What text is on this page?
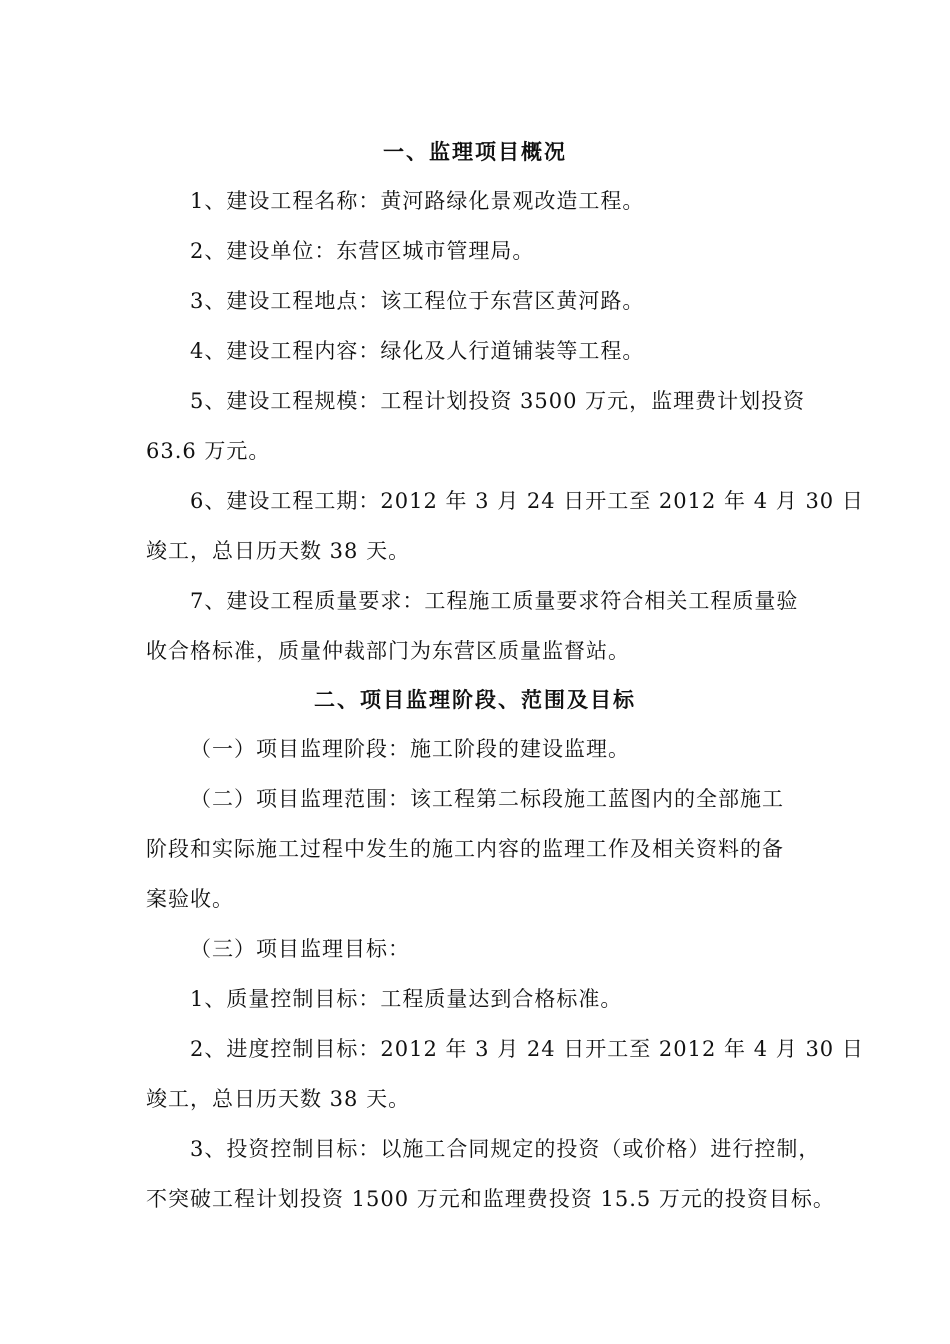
一、监理项目概况
1、建设工程名称：黄河路绿化景观改造工程。
2、建设单位：东营区城市管理局。
3、建设工程地点：该工程位于东营区黄河路。
4、建设工程内容：绿化及人行道铺装等工程。
5、建设工程规模：工程计划投资 3500 万元，监理费计划投资
63.6 万元。
6、建设工程工期：2012 年 3 月 24 日开工至 2012 年 4 月 30 日
竣工，总日历天数 38 天。
7、建设工程质量要求：工程施工质量要求符合相关工程质量验
收合格标准，质量仲裁部门为东营区质量监督站。
二、项目监理阶段、范围及目标
（一）项目监理阶段：施工阶段的建设监理。
（二）项目监理范围：该工程第二标段施工蓝图内的全部施工
阶段和实际施工过程中发生的施工内容的监理工作及相关资料的备
案验收。
（三）项目监理目标：
1、质量控制目标：工程质量达到合格标准。
2、进度控制目标：2012 年 3 月 24 日开工至 2012 年 4 月 30 日
竣工，总日历天数 38 天。
3、投资控制目标：以施工合同规定的投资（或价格）进行控制，
不突破工程计划投资 1500 万元和监理费投资 15.5 万元的投资目标。
